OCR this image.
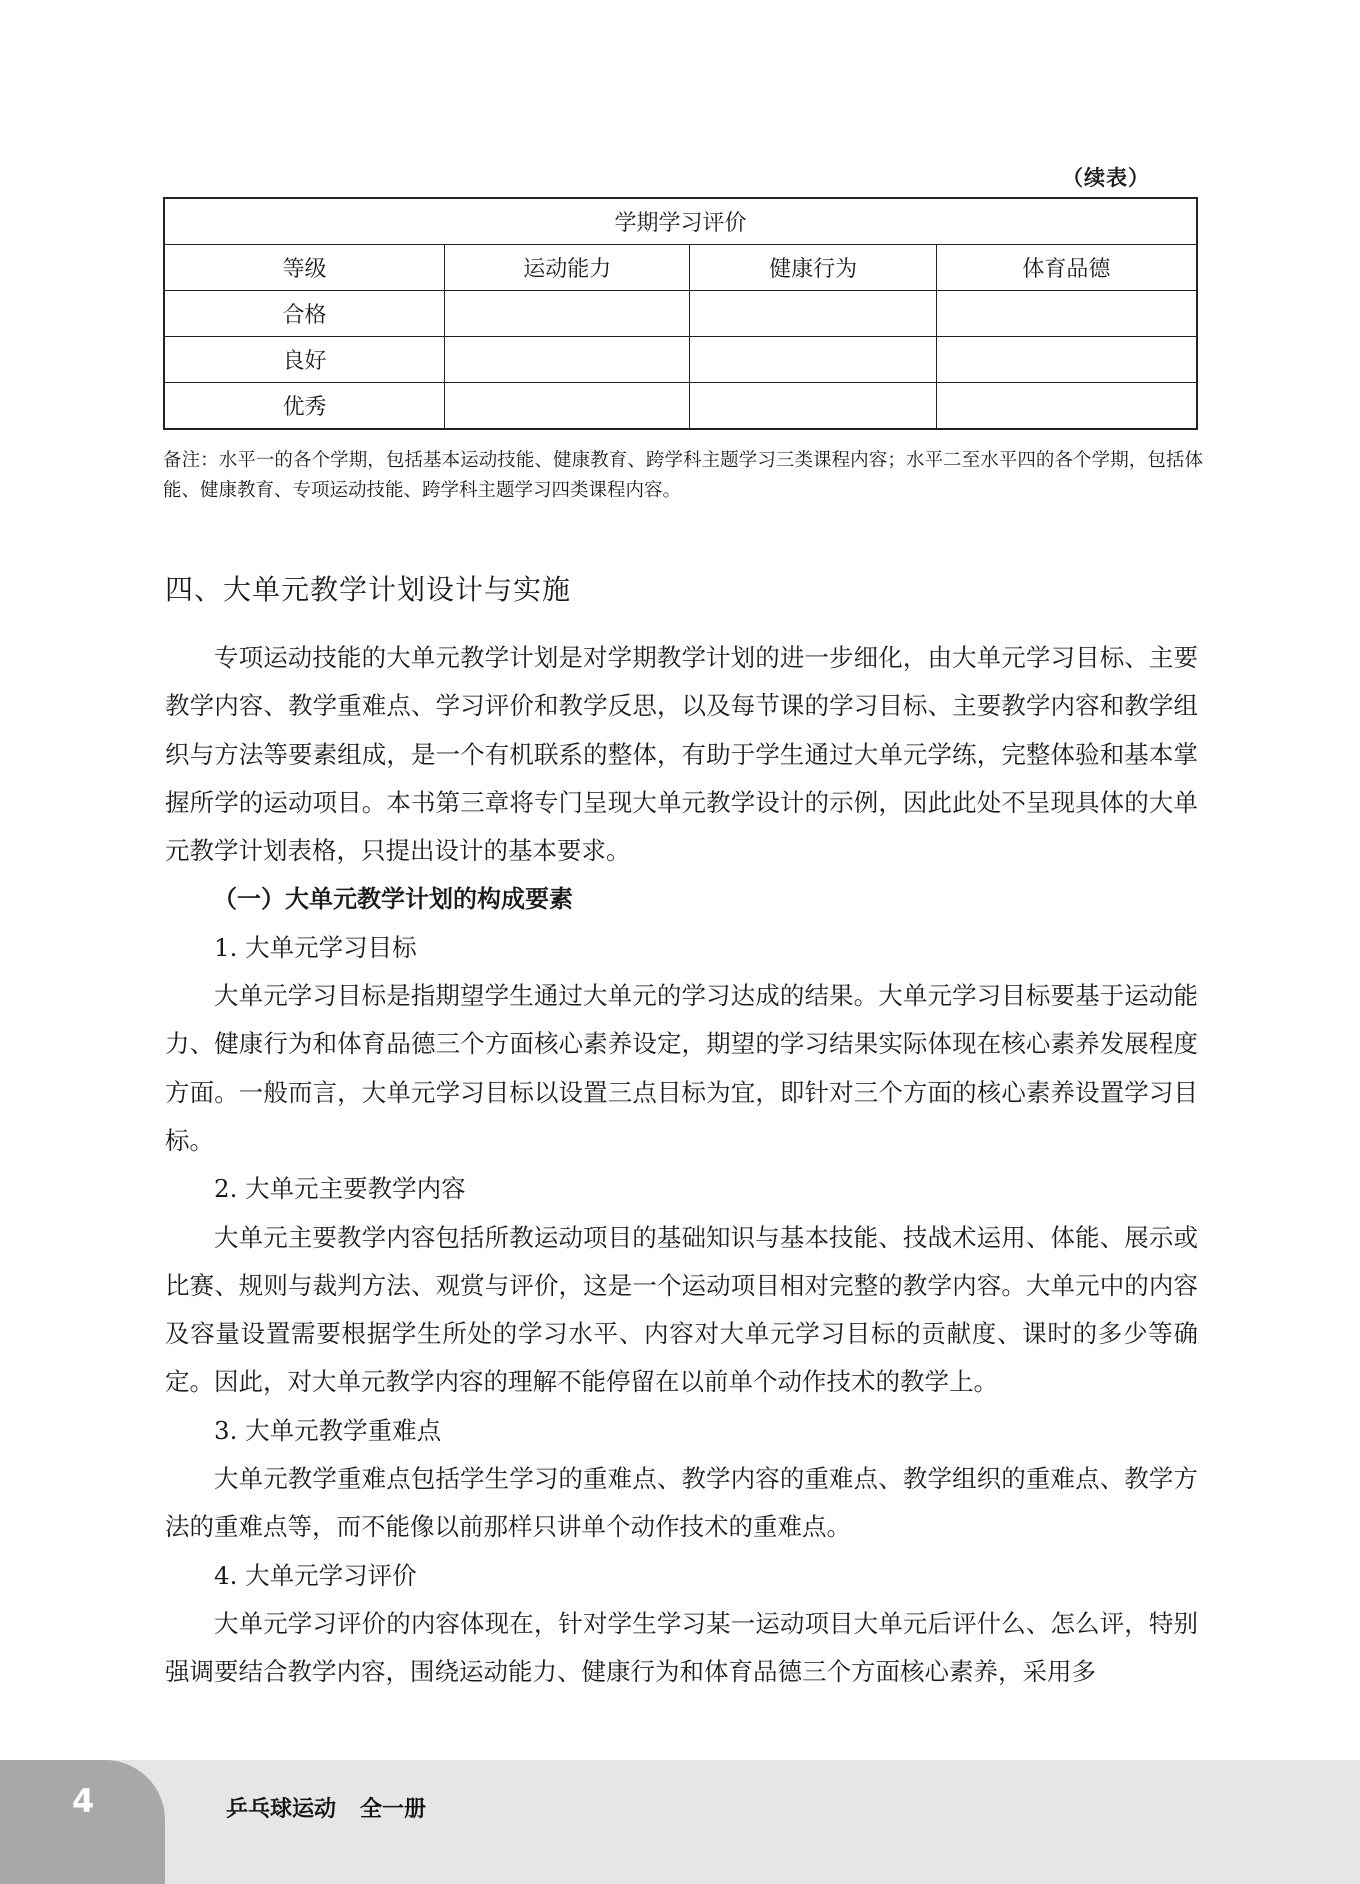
（续表）
学期学习评价			
等级	运动能力	健康行为	体育品德
合格			
良好			
优秀			
备注：水平一的各个学期，包括基本运动技能、健康教育、跨学科主题学习三类课程内容；水平二至水平四的各个学期，包括体能、健康教育、专项运动技能、跨学科主题学习四类课程内容。
四、大单元教学计划设计与实施

专项运动技能的大单元教学计划是对学期教学计划的进一步细化，由大单元学习目标、主要教学内容、教学重难点、学习评价和教学反思，以及每节课的学习目标、主要教学内容和教学组织与方法等要素组成，是一个有机联系的整体，有助于学生通过大单元学练，完整体验和基本掌握所学的运动项目。本书第三章将专门呈现大单元教学设计的示例，因此此处不呈现具体的大单元教学计划表格，只提出设计的基本要求。

（一）大单元教学计划的构成要素

1. 大单元学习目标

大单元学习目标是指期望学生通过大单元的学习达成的结果。大单元学习目标要基于运动能力、健康行为和体育品德三个方面核心素养设定，期望的学习结果实际体现在核心素养发展程度方面。一般而言，大单元学习目标以设置三点目标为宜，即针对三个方面的核心素养设置学习目标。

2. 大单元主要教学内容

大单元主要教学内容包括所教运动项目的基础知识与基本技能、技战术运用、体能、展示或比赛、规则与裁判方法、观赏与评价，这是一个运动项目相对完整的教学内容。大单元中的内容及容量设置需要根据学生所处的学习水平、内容对大单元学习目标的贡献度、课时的多少等确定。因此，对大单元教学内容的理解不能停留在以前单个动作技术的教学上。

3. 大单元教学重难点

大单元教学重难点包括学生学习的重难点、教学内容的重难点、教学组织的重难点、教学方法的重难点等，而不能像以前那样只讲单个动作技术的重难点。

4. 大单元学习评价

大单元学习评价的内容体现在，针对学生学习某一运动项目大单元后评什么、怎么评，特别强调要结合教学内容，围绕运动能力、健康行为和体育品德三个方面核心素养，采用多

4	乒乓球运动 全一册
